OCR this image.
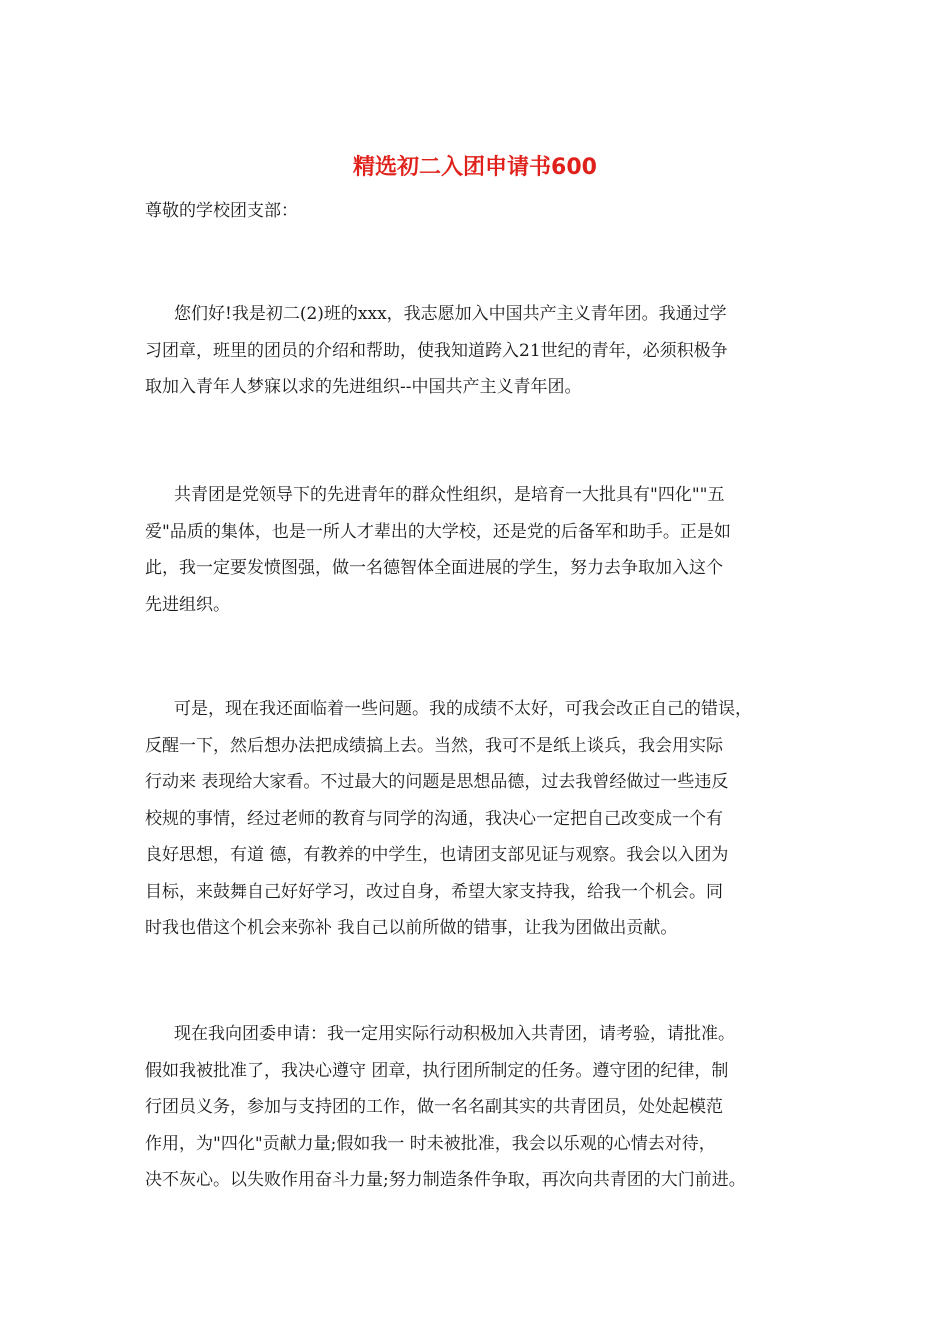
精选初二入团申请书600
尊敬的学校团支部：
您们好!我是初二(2)班的xxx，我志愿加入中国共产主义青年团。我通过学
习团章，班里的团员的介绍和帮助，使我知道跨入21世纪的青年，必须积极争
取加入青年人梦寐以求的先进组织--中国共产主义青年团。
共青团是党领导下的先进青年的群众性组织，是培育一大批具有"四化""五
爱"品质的集体，也是一所人才辈出的大学校，还是党的后备军和助手。正是如
此，我一定要发愤图强，做一名德智体全面进展的学生，努力去争取加入这个
先进组织。
可是，现在我还面临着一些问题。我的成绩不太好，可我会改正自己的错误，
反醒一下，然后想办法把成绩搞上去。当然，我可不是纸上谈兵，我会用实际
行动来 表现给大家看。不过最大的问题是思想品德，过去我曾经做过一些违反
校规的事情，经过老师的教育与同学的沟通，我决心一定把自己改变成一个有
良好思想，有道 德，有教养的中学生，也请团支部见证与观察。我会以入团为
目标，来鼓舞自己好好学习，改过自身，希望大家支持我，给我一个机会。同
时我也借这个机会来弥补 我自己以前所做的错事，让我为团做出贡献。
现在我向团委申请：我一定用实际行动积极加入共青团，请考验，请批准。
假如我被批准了，我决心遵守 团章，执行团所制定的任务。遵守团的纪律，制
行团员义务，参加与支持团的工作，做一名名副其实的共青团员，处处起模范
作用，为"四化"贡献力量;假如我一 时未被批准，我会以乐观的心情去对待，
决不灰心。以失败作用奋斗力量;努力制造条件争取，再次向共青团的大门前进。
